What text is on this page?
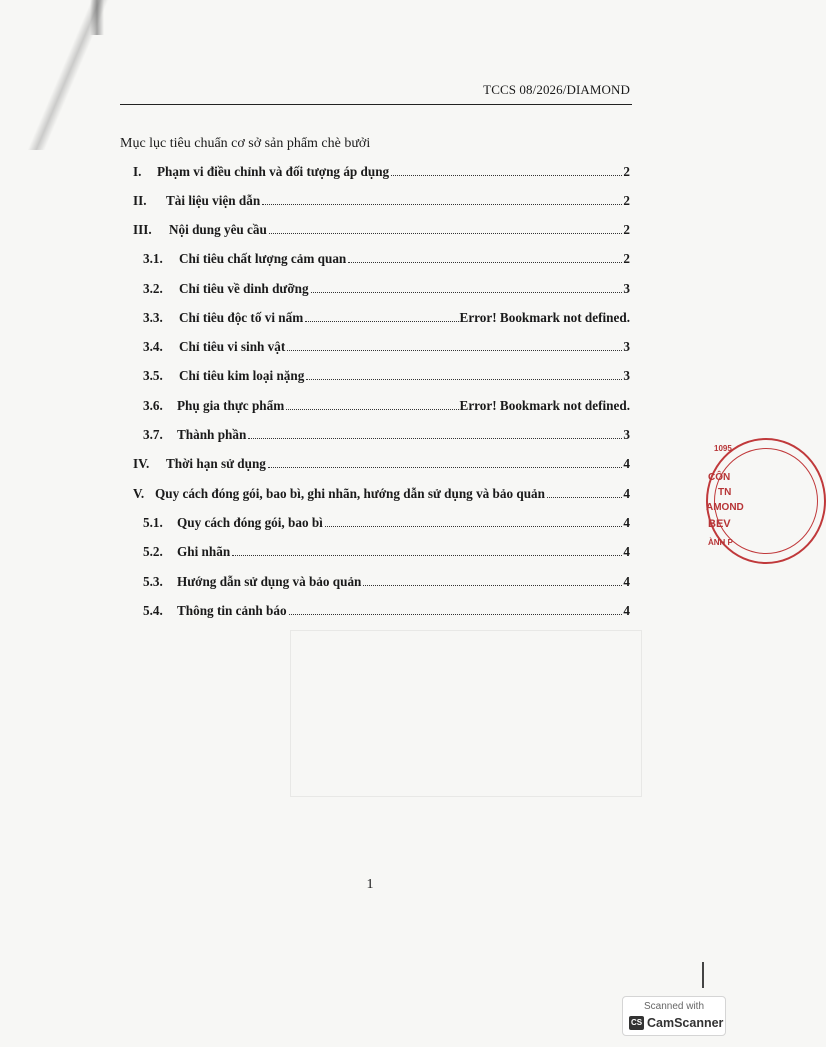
TCCS 08/2026/DIAMOND
Mục lục tiêu chuẩn cơ sở sản phẩm chè bưởi
I.	Phạm vi điều chỉnh và đối tượng áp dụng	2
II.	Tài liệu viện dẫn	2
III.	Nội dung yêu cầu	2
3.1.	Chỉ tiêu chất lượng cảm quan	2
3.2.	Chỉ tiêu về dinh dưỡng	3
3.3.	Chỉ tiêu độc tố vi nấm	Error! Bookmark not defined.
3.4.	Chỉ tiêu vi sinh vật	3
3.5.	Chỉ tiêu kim loại nặng	3
3.6.	Phụ gia thực phẩm	Error! Bookmark not defined.
3.7.	Thành phần	3
IV.	Thời hạn sử dụng	4
V. Quy cách đóng gói, bao bì, ghi nhãn, hướng dẫn sử dụng và bảo quản	4
5.1.	Quy cách đóng gói, bao bì	4
5.2.	Ghi nhãn	4
5.3.	Hướng dẫn sử dụng và bảo quản	4
5.4.	Thông tin cảnh báo	4
1095
CÔN
TN
AMOND
BEV
ÀNH P
1
Scanned with
CS CamScanner
